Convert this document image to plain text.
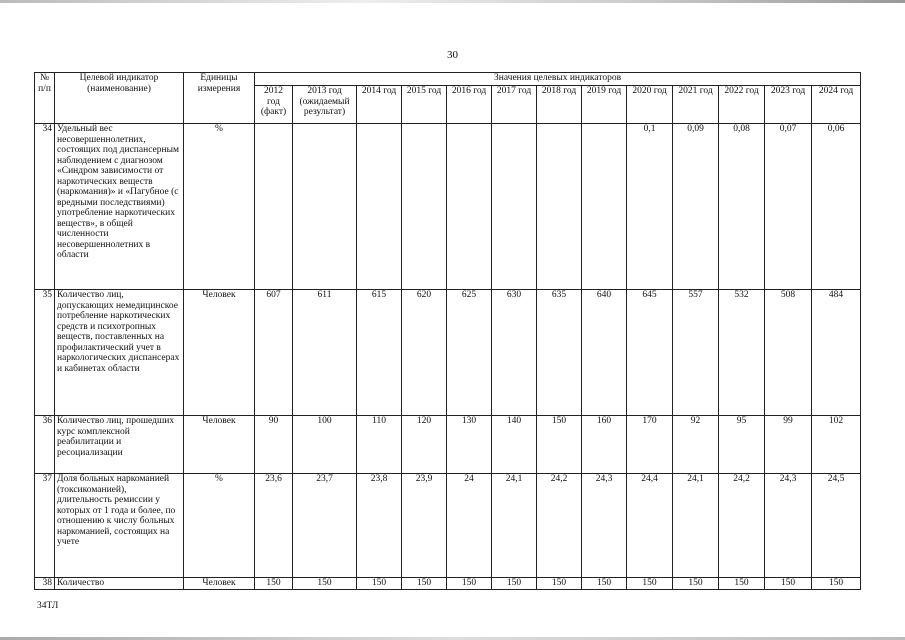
30
№ п/п	Целевой индикатор (наименование)	Единицы измерения	Значения целевых индикаторов												
			2012 год (факт)	2013 год (ожидаемый результат)	2014 год	2015 год	2016 год	2017 год	2018 год	2019 год	2020 год	2021 год	2022 год	2023 год	2024 год
34	Удельный вес несовершеннолетних, состоящих под диспансерным наблюдением с диагнозом «Синдром зависимости от наркотических веществ (наркомания)» и «Пагубное (с вредными последствиями) употребление наркотических веществ», в общей численности несовершеннолетних в области	%									0,1	0,09	0,08	0,07	0,06
35	Количество лиц, допускающих немедицинское потребление наркотических средств и психотропных веществ, поставленных на профилактический учет в наркологических диспансерах и кабинетах области	Человек	607	611	615	620	625	630	635	640	645	557	532	508	484
36	Количество лиц, прошедших курс комплексной реабилитации и ресоциализации	Человек	90	100	110	120	130	140	150	160	170	92	95	99	102
37	Доля больных наркоманией (токсикоманией), длительность ремиссии у которых от 1 года и более, по отношению к числу больных наркоманией, состоящих на учете	%	23,6	23,7	23,8	23,9	24	24,1	24,2	24,3	24,4	24,1	24,2	24,3	24,5
38	Количество	Человек	150	150	150	150	150	150	150	150	150	150	150	150	150
34ТЛ
